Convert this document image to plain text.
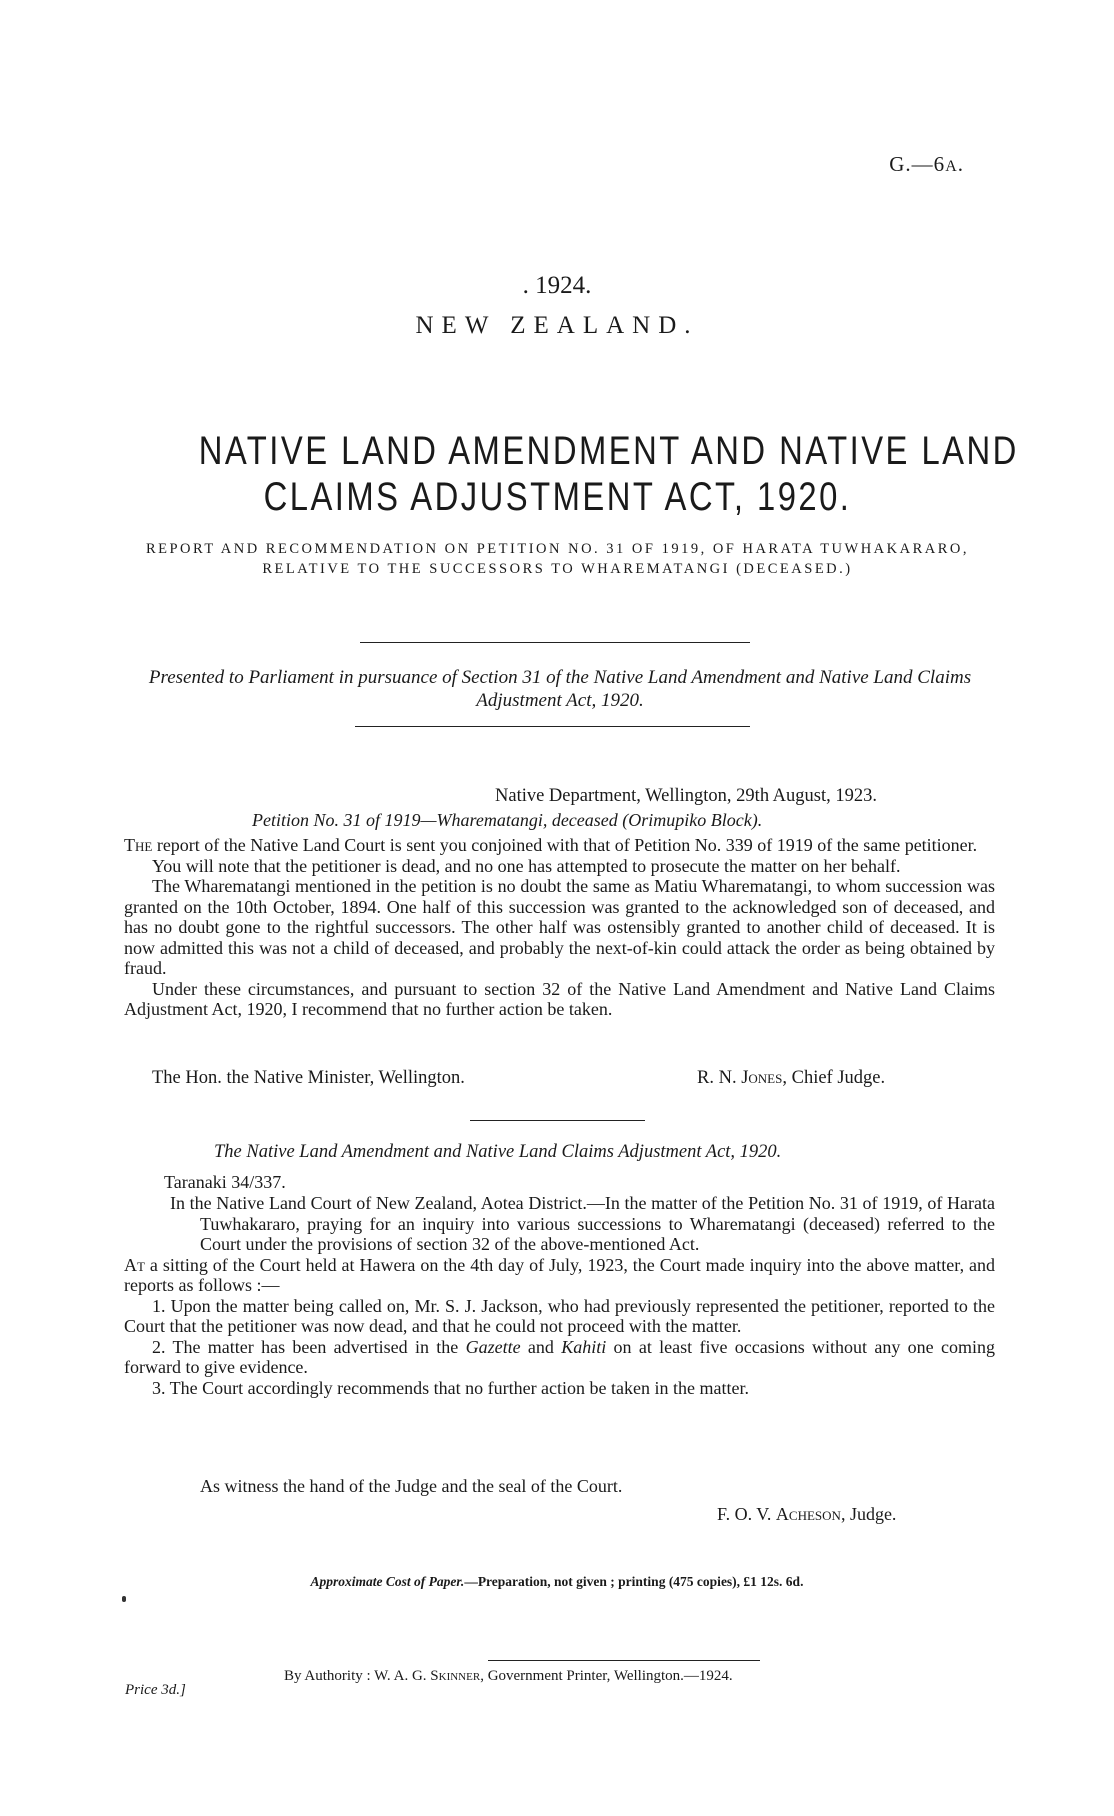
G.—6A.
. 1924.
NEW ZEALAND.
NATIVE LAND AMENDMENT AND NATIVE LAND
CLAIMS ADJUSTMENT ACT, 1920.
REPORT AND RECOMMENDATION ON PETITION NO. 31 OF 1919, OF HARATA TUWHAKARARO,
RELATIVE TO THE SUCCESSORS TO WHAREMATANGI (DECEASED.)
Presented to Parliament in pursuance of Section 31 of the Native Land Amendment and Native Land Claims Adjustment Act, 1920.
Native Department, Wellington, 29th August, 1923.
Petition No. 31 of 1919—Wharematangi, deceased (Orimupiko Block).
The report of the Native Land Court is sent you conjoined with that of Petition No. 339 of 1919 of the same petitioner.
You will note that the petitioner is dead, and no one has attempted to prosecute the matter on her behalf.
The Wharematangi mentioned in the petition is no doubt the same as Matiu Wharematangi, to whom succession was granted on the 10th October, 1894. One half of this succession was granted to the acknowledged son of deceased, and has no doubt gone to the rightful successors. The other half was ostensibly granted to another child of deceased. It is now admitted this was not a child of deceased, and probably the next-of-kin could attack the order as being obtained by fraud.
Under these circumstances, and pursuant to section 32 of the Native Land Amendment and Native Land Claims Adjustment Act, 1920, I recommend that no further action be taken.
The Hon. the Native Minister, Wellington.	R. N. Jones, Chief Judge.
The Native Land Amendment and Native Land Claims Adjustment Act, 1920.
Taranaki 34/337.
In the Native Land Court of New Zealand, Aotea District.—In the matter of the Petition No. 31 of 1919, of Harata Tuwhakararo, praying for an inquiry into various successions to Wharematangi (deceased) referred to the Court under the provisions of section 32 of the above-mentioned Act.
At a sitting of the Court held at Hawera on the 4th day of July, 1923, the Court made inquiry into the above matter, and reports as follows :—
1. Upon the matter being called on, Mr. S. J. Jackson, who had previously represented the petitioner, reported to the Court that the petitioner was now dead, and that he could not proceed with the matter.
2. The matter has been advertised in the Gazette and Kahiti on at least five occasions without any one coming forward to give evidence.
3. The Court accordingly recommends that no further action be taken in the matter.
As witness the hand of the Judge and the seal of the Court.
F. O. V. Acheson, Judge.
Approximate Cost of Paper.—Preparation, not given ; printing (475 copies), £1 12s. 6d.
By Authority : W. A. G. Skinner, Government Printer, Wellington.—1924.
Price 3d.]
